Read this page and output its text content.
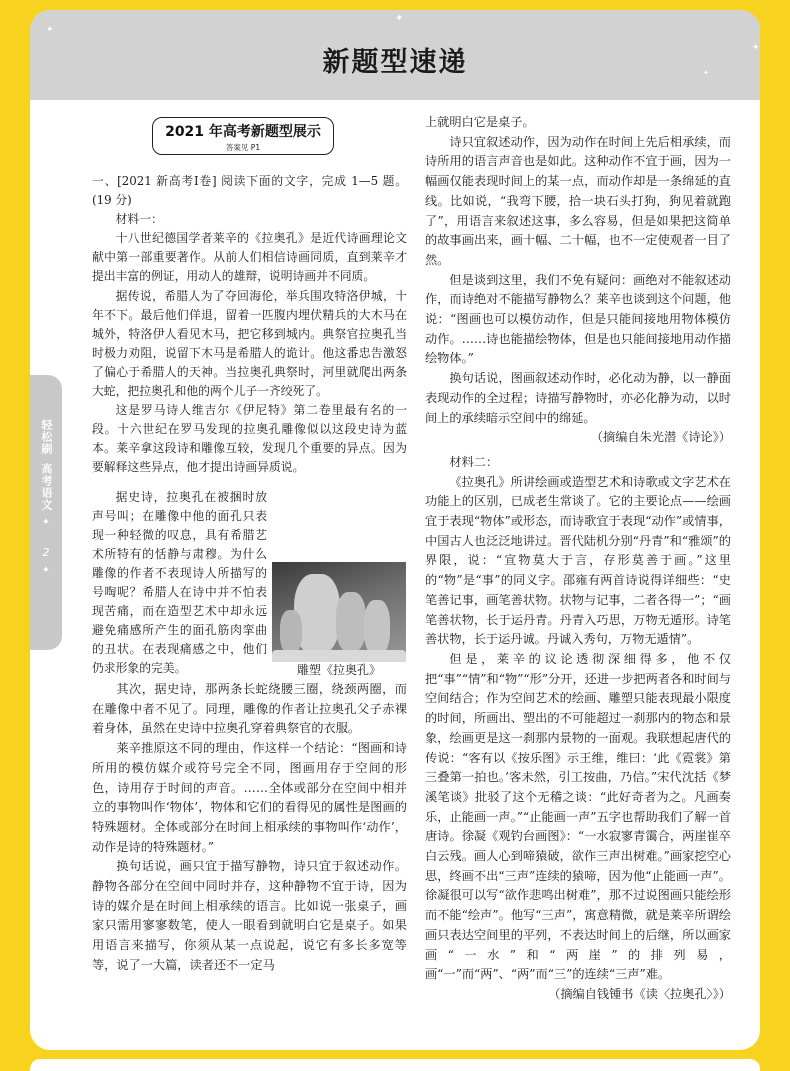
新题型速递
✦
✦
✦
✦
轻松刷
高考语文
✦
2
✦
2021 年高考新题型展示
答案见 P1

一、[2021 新高考Ⅰ卷] 阅读下面的文字，完成 1—5 题。(19 分)

材料一：

十八世纪德国学者莱辛的《拉奥孔》是近代诗画理论文献中第一部重要著作。从前人们相信诗画同质，直到莱辛才提出丰富的例证，用动人的雄辩，说明诗画并不同质。

据传说，希腊人为了夺回海伦，举兵围攻特洛伊城，十年不下。最后他们佯退，留着一匹腹内埋伏精兵的大木马在城外，特洛伊人看见木马，把它移到城内。典祭官拉奥孔当时极力劝阻，说留下木马是希腊人的诡计。他这番忠告激怒了偏心于希腊人的天神。当拉奥孔典祭时，河里就爬出两条大蛇，把拉奥孔和他的两个儿子一齐绞死了。

这是罗马诗人维吉尔《伊尼特》第二卷里最有名的一段。十六世纪在罗马发现的拉奥孔雕像似以这段史诗为蓝本。莱辛拿这段诗和雕像互较，发现几个重要的异点。因为要解释这些异点，他才提出诗画异质说。

据史诗，拉奥孔在被捆时放声号叫；在雕像中他的面孔只表现一种轻微的叹息，具有希腊艺术所特有的恬静与肃穆。为什么雕像的作者不表现诗人所描写的号啕呢？希腊人在诗中并不怕表现苦痛，而在造型艺术中却永远避免痛感所产生的面孔筋肉挛曲的丑状。在表现痛感之中，他们仍求形象的完美。	雕塑《拉奥孔》

其次，据史诗，那两条长蛇绕腰三圈，绕颈两圈，而在雕像中者不见了。同理，雕像的作者让拉奥孔父子赤裸着身体，虽然在史诗中拉奥孔穿着典祭官的衣服。

莱辛推原这不同的理由，作这样一个结论：“图画和诗所用的模仿媒介或符号完全不同，图画用存于空间的形色，诗用存于时间的声音。……全体或部分在空间中相并立的事物叫作‘物体’，物体和它们的看得见的属性是图画的特殊题材。全体或部分在时间上相承续的事物叫作‘动作’，动作是诗的特殊题材。”

换句话说，画只宜于描写静物，诗只宜于叙述动作。静物各部分在空间中同时并存，这种静物不宜于诗，因为诗的媒介是在时间上相承续的语言。比如说一张桌子，画家只需用寥寥数笔，使人一眼看到就明白它是桌子。如果用语言来描写，你须从某一点说起，说它有多长多宽等等，说了一大篇，读者还不一定马

上就明白它是桌子。

诗只宜叙述动作，因为动作在时间上先后相承续，而诗所用的语言声音也是如此。这种动作不宜于画，因为一幅画仅能表现时间上的某一点，而动作却是一条绵延的直线。比如说，“我弯下腰，拾一块石头打狗，狗见着就跑了”，用语言来叙述这事，多么容易，但是如果把这简单的故事画出来，画十幅、二十幅，也不一定使观者一目了然。

但是谈到这里，我们不免有疑问：画绝对不能叙述动作，而诗绝对不能描写静物么？莱辛也谈到这个问题，他说：“图画也可以模仿动作，但是只能间接地用物体模仿动作。……诗也能描绘物体，但是也只能间接地用动作描绘物体。”

换句话说，图画叙述动作时，必化动为静，以一静面表现动作的全过程；诗描写静物时，亦必化静为动，以时间上的承续暗示空间中的绵延。

（摘编自朱光潜《诗论》）

材料二：

《拉奥孔》所讲绘画或造型艺术和诗歌或文字艺术在功能上的区别，已成老生常谈了。它的主要论点——绘画宜于表现“物体”或形态，而诗歌宜于表现“动作”或情事，中国古人也泛泛地讲过。晋代陆机分别“丹青”和“雅颂”的界限，说：“宣物莫大于言，存形莫善于画。”这里的“物”是“事”的同义字。邵雍有两首诗说得详细些：“史笔善记事，画笔善状物。状物与记事，二者各得一”；“画笔善状物，长于运丹青。丹青入巧思，万物无遁形。诗笔善状物，长于运丹诚。丹诚入秀句，万物无遁情”。

但是，莱辛的议论透彻深细得多，他不仅把“事”“情”和“物”“形”分开，还进一步把两者各和时间与空间结合；作为空间艺术的绘画、雕塑只能表现最小限度的时间，所画出、塑出的不可能超过一刹那内的物态和景象，绘画更是这一刹那内景物的一面观。我联想起唐代的传说：“客有以《按乐图》示王维，维曰：‘此《霓裳》第三叠第一拍也。’客未然，引工按曲，乃信。”宋代沈括《梦溪笔谈》批驳了这个无稽之谈：“此好奇者为之。凡画奏乐，止能画一声。”“止能画一声”五字也帮助我们了解一首唐诗。徐凝《观钓台画图》：“一水寂寥青霭合，两崖崔卒白云残。画人心到啼猿破，欲作三声出树难。”画家挖空心思，终画不出“三声”连续的猿啼，因为他“止能画一声”。徐凝很可以写“欲作悲鸣出树难”，那不过说图画只能绘形而不能“绘声”。他写“三声”，寓意精微，就是莱辛所谓绘画只表达空间里的平列，不表达时间上的后继，所以画家画“一水”和“两崖”的排列易，画“一”而“两”、“两”而“三”的连续“三声”难。

（摘编自钱锺书《读〈拉奥孔〉》）
